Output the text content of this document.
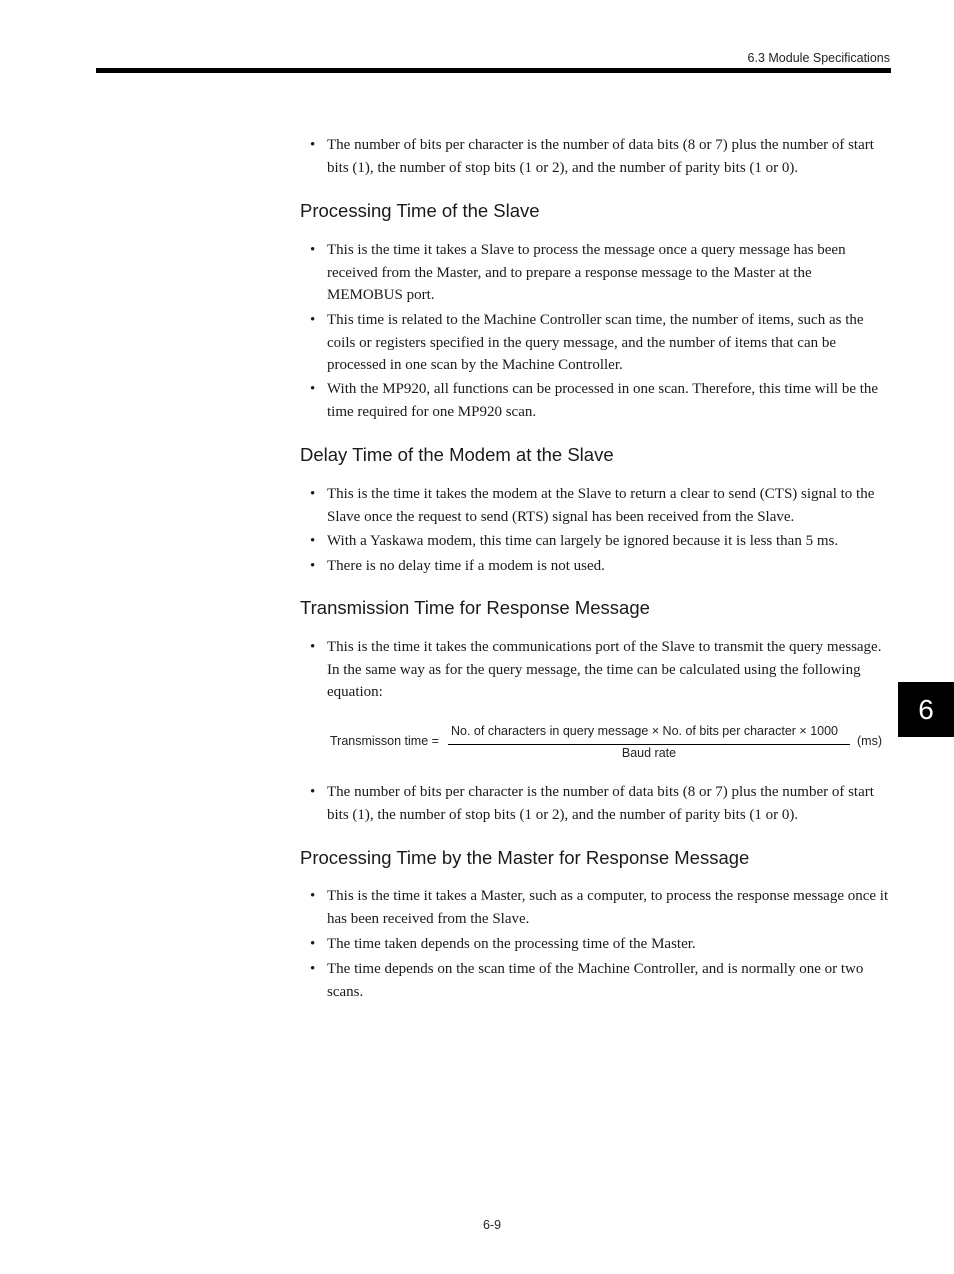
6.3 Module Specifications
• The number of bits per character is the number of data bits (8 or 7) plus the number of start bits (1), the number of stop bits (1 or 2), and the number of parity bits (1 or 0).
Processing Time of the Slave
• This is the time it takes a Slave to process the message once a query message has been received from the Master, and to prepare a response message to the Master at the MEMOBUS port.
• This time is related to the Machine Controller scan time, the number of items, such as the coils or registers specified in the query message, and the number of items that can be processed in one scan by the Machine Controller.
• With the MP920, all functions can be processed in one scan. Therefore, this time will be the time required for one MP920 scan.
Delay Time of the Modem at the Slave
• This is the time it takes the modem at the Slave to return a clear to send (CTS) signal to the Slave once the request to send (RTS) signal has been received from the Slave.
• With a Yaskawa modem, this time can largely be ignored because it is less than 5 ms.
• There is no delay time if a modem is not used.
Transmission Time for Response Message
• This is the time it takes the communications port of the Slave to transmit the query message. In the same way as for the query message, the time can be calculated using the following equation:
Transmisson time =
No. of characters in query message × No. of bits per character × 1000
Baud rate
(ms)
• The number of bits per character is the number of data bits (8 or 7) plus the number of start bits (1), the number of stop bits (1 or 2), and the number of parity bits (1 or 0).
Processing Time by the Master for Response Message
• This is the time it takes a Master, such as a computer, to process the response message once it has been received from the Slave.
• The time taken depends on the processing time of the Master.
• The time depends on the scan time of the Machine Controller, and is normally one or two scans.
6
6-9
